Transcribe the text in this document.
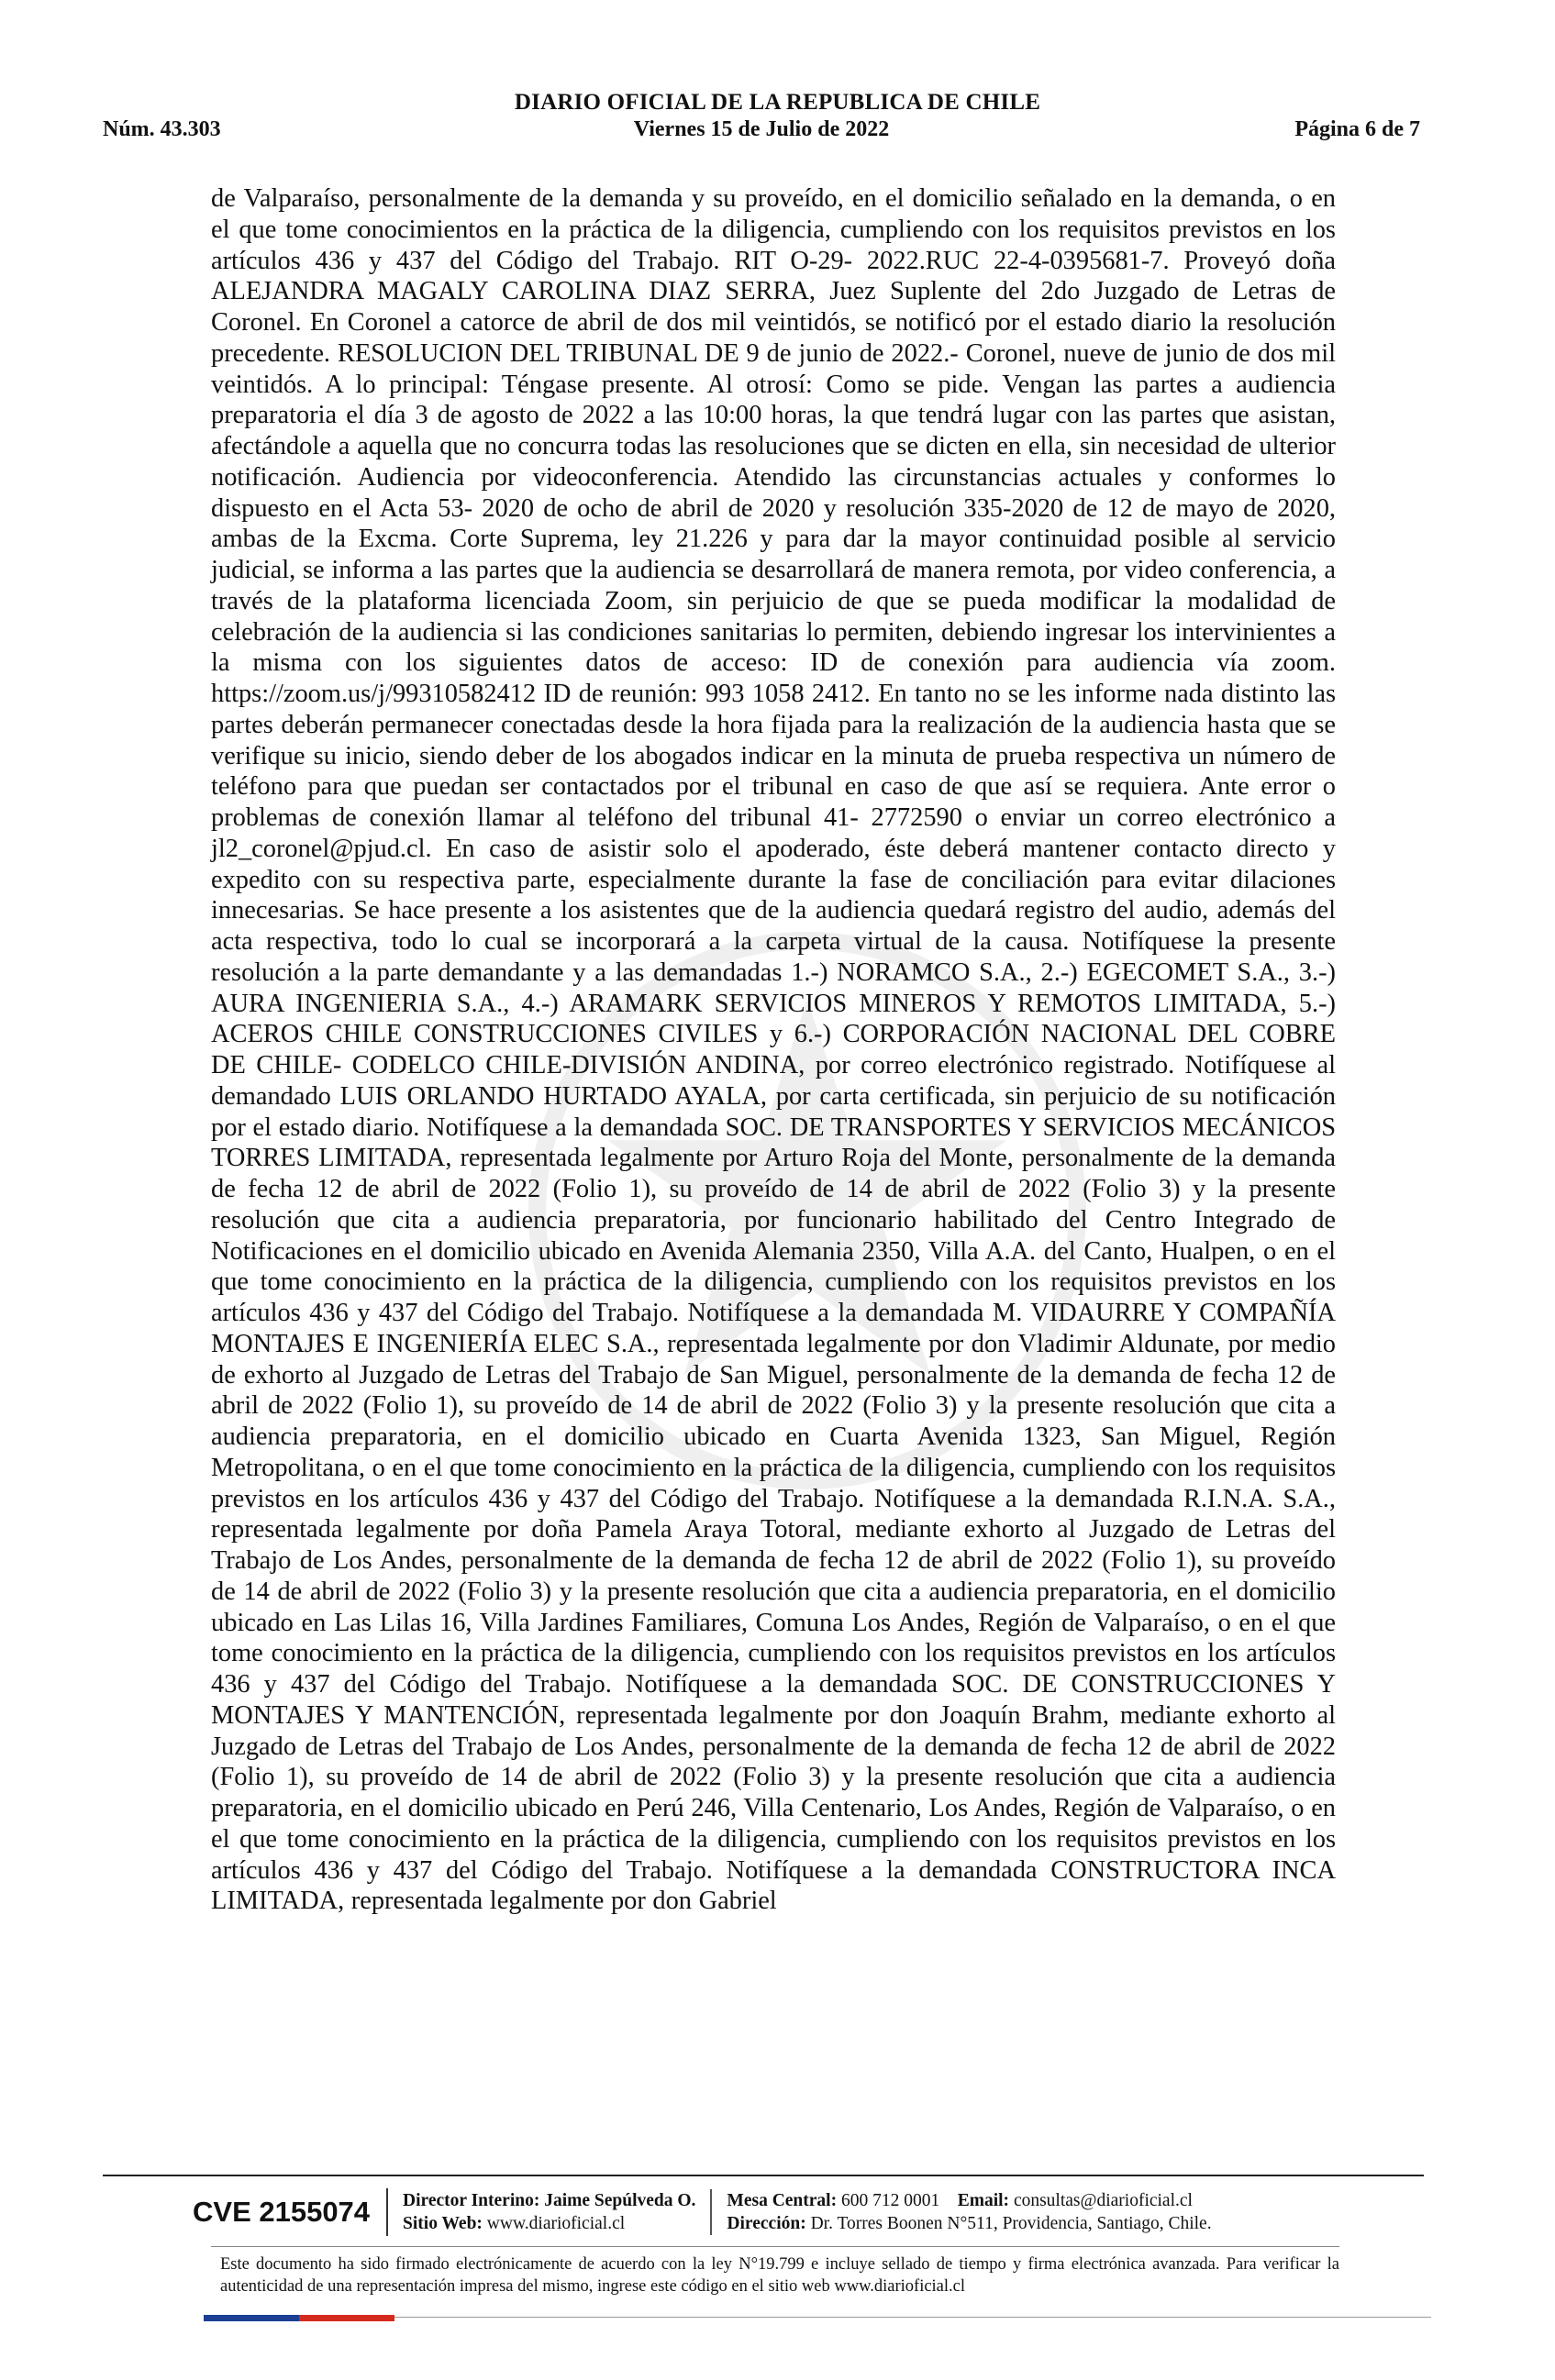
DIARIO OFICIAL DE LA REPUBLICA DE CHILE
Núm. 43.303	Viernes 15 de Julio de 2022	Página 6 de 7

de Valparaíso, personalmente de la demanda y su proveído, en el domicilio señalado en la demanda, o en el que tome conocimientos en la práctica de la diligencia, cumpliendo con los requisitos previstos en los artículos 436 y 437 del Código del Trabajo. RIT O-29- 2022.RUC 22-4-0395681-7. Proveyó doña ALEJANDRA MAGALY CAROLINA DIAZ SERRA, Juez Suplente del 2do Juzgado de Letras de Coronel. En Coronel a catorce de abril de dos mil veintidós, se notificó por el estado diario la resolución precedente. RESOLUCION DEL TRIBUNAL DE 9 de junio de 2022.- Coronel, nueve de junio de dos mil veintidós. A lo principal: Téngase presente. Al otrosí: Como se pide. Vengan las partes a audiencia preparatoria el día 3 de agosto de 2022 a las 10:00 horas, la que tendrá lugar con las partes que asistan, afectándole a aquella que no concurra todas las resoluciones que se dicten en ella, sin necesidad de ulterior notificación. Audiencia por videoconferencia. Atendido las circunstancias actuales y conformes lo dispuesto en el Acta 53- 2020 de ocho de abril de 2020 y resolución 335-2020 de 12 de mayo de 2020, ambas de la Excma. Corte Suprema, ley 21.226 y para dar la mayor continuidad posible al servicio judicial, se informa a las partes que la audiencia se desarrollará de manera remota, por video conferencia, a través de la plataforma licenciada Zoom, sin perjuicio de que se pueda modificar la modalidad de celebración de la audiencia si las condiciones sanitarias lo permiten, debiendo ingresar los intervinientes a la misma con los siguientes datos de acceso: ID de conexión para audiencia vía zoom. https://zoom.us/j/99310582412 ID de reunión: 993 1058 2412. En tanto no se les informe nada distinto las partes deberán permanecer conectadas desde la hora fijada para la realización de la audiencia hasta que se verifique su inicio, siendo deber de los abogados indicar en la minuta de prueba respectiva un número de teléfono para que puedan ser contactados por el tribunal en caso de que así se requiera. Ante error o problemas de conexión llamar al teléfono del tribunal 41- 2772590 o enviar un correo electrónico a jl2_coronel@pjud.cl. En caso de asistir solo el apoderado, éste deberá mantener contacto directo y expedito con su respectiva parte, especialmente durante la fase de conciliación para evitar dilaciones innecesarias. Se hace presente a los asistentes que de la audiencia quedará registro del audio, además del acta respectiva, todo lo cual se incorporará a la carpeta virtual de la causa. Notifíquese la presente resolución a la parte demandante y a las demandadas 1.-) NORAMCO S.A., 2.-) EGECOMET S.A., 3.-) AURA INGENIERIA S.A., 4.-) ARAMARK SERVICIOS MINEROS Y REMOTOS LIMITADA, 5.-) ACEROS CHILE CONSTRUCCIONES CIVILES y 6.-) CORPORACIÓN NACIONAL DEL COBRE DE CHILE- CODELCO CHILE-DIVISIÓN ANDINA, por correo electrónico registrado. Notifíquese al demandado LUIS ORLANDO HURTADO AYALA, por carta certificada, sin perjuicio de su notificación por el estado diario. Notifíquese a la demandada SOC. DE TRANSPORTES Y SERVICIOS MECÁNICOS TORRES LIMITADA, representada legalmente por Arturo Roja del Monte, personalmente de la demanda de fecha 12 de abril de 2022 (Folio 1), su proveído de 14 de abril de 2022 (Folio 3) y la presente resolución que cita a audiencia preparatoria, por funcionario habilitado del Centro Integrado de Notificaciones en el domicilio ubicado en Avenida Alemania 2350, Villa A.A. del Canto, Hualpen, o en el que tome conocimiento en la práctica de la diligencia, cumpliendo con los requisitos previstos en los artículos 436 y 437 del Código del Trabajo. Notifíquese a la demandada M. VIDAURRE Y COMPAÑÍA MONTAJES E INGENIERÍA ELEC S.A., representada legalmente por don Vladimir Aldunate, por medio de exhorto al Juzgado de Letras del Trabajo de San Miguel, personalmente de la demanda de fecha 12 de abril de 2022 (Folio 1), su proveído de 14 de abril de 2022 (Folio 3) y la presente resolución que cita a audiencia preparatoria, en el domicilio ubicado en Cuarta Avenida 1323, San Miguel, Región Metropolitana, o en el que tome conocimiento en la práctica de la diligencia, cumpliendo con los requisitos previstos en los artículos 436 y 437 del Código del Trabajo. Notifíquese a la demandada R.I.N.A. S.A., representada legalmente por doña Pamela Araya Totoral, mediante exhorto al Juzgado de Letras del Trabajo de Los Andes, personalmente de la demanda de fecha 12 de abril de 2022 (Folio 1), su proveído de 14 de abril de 2022 (Folio 3) y la presente resolución que cita a audiencia preparatoria, en el domicilio ubicado en Las Lilas 16, Villa Jardines Familiares, Comuna Los Andes, Región de Valparaíso, o en el que tome conocimiento en la práctica de la diligencia, cumpliendo con los requisitos previstos en los artículos 436 y 437 del Código del Trabajo. Notifíquese a la demandada SOC. DE CONSTRUCCIONES Y MONTAJES Y MANTENCIÓN, representada legalmente por don Joaquín Brahm, mediante exhorto al Juzgado de Letras del Trabajo de Los Andes, personalmente de la demanda de fecha 12 de abril de 2022 (Folio 1), su proveído de 14 de abril de 2022 (Folio 3) y la presente resolución que cita a audiencia preparatoria, en el domicilio ubicado en Perú 246, Villa Centenario, Los Andes, Región de Valparaíso, o en el que tome conocimiento en la práctica de la diligencia, cumpliendo con los requisitos previstos en los artículos 436 y 437 del Código del Trabajo. Notifíquese a la demandada CONSTRUCTORA INCA LIMITADA, representada legalmente por don Gabriel

CVE 2155074	Director Interino: Jaime Sepúlveda O.
Sitio Web: www.diarioficial.cl
Mesa Central: 600 712 0001 Email: consultas@diarioficial.cl
Dirección: Dr. Torres Boonen N°511, Providencia, Santiago, Chile.
Este documento ha sido firmado electrónicamente de acuerdo con la ley N°19.799 e incluye sellado de tiempo y firma electrónica avanzada. Para verificar la autenticidad de una representación impresa del mismo, ingrese este código en el sitio web www.diarioficial.cl
